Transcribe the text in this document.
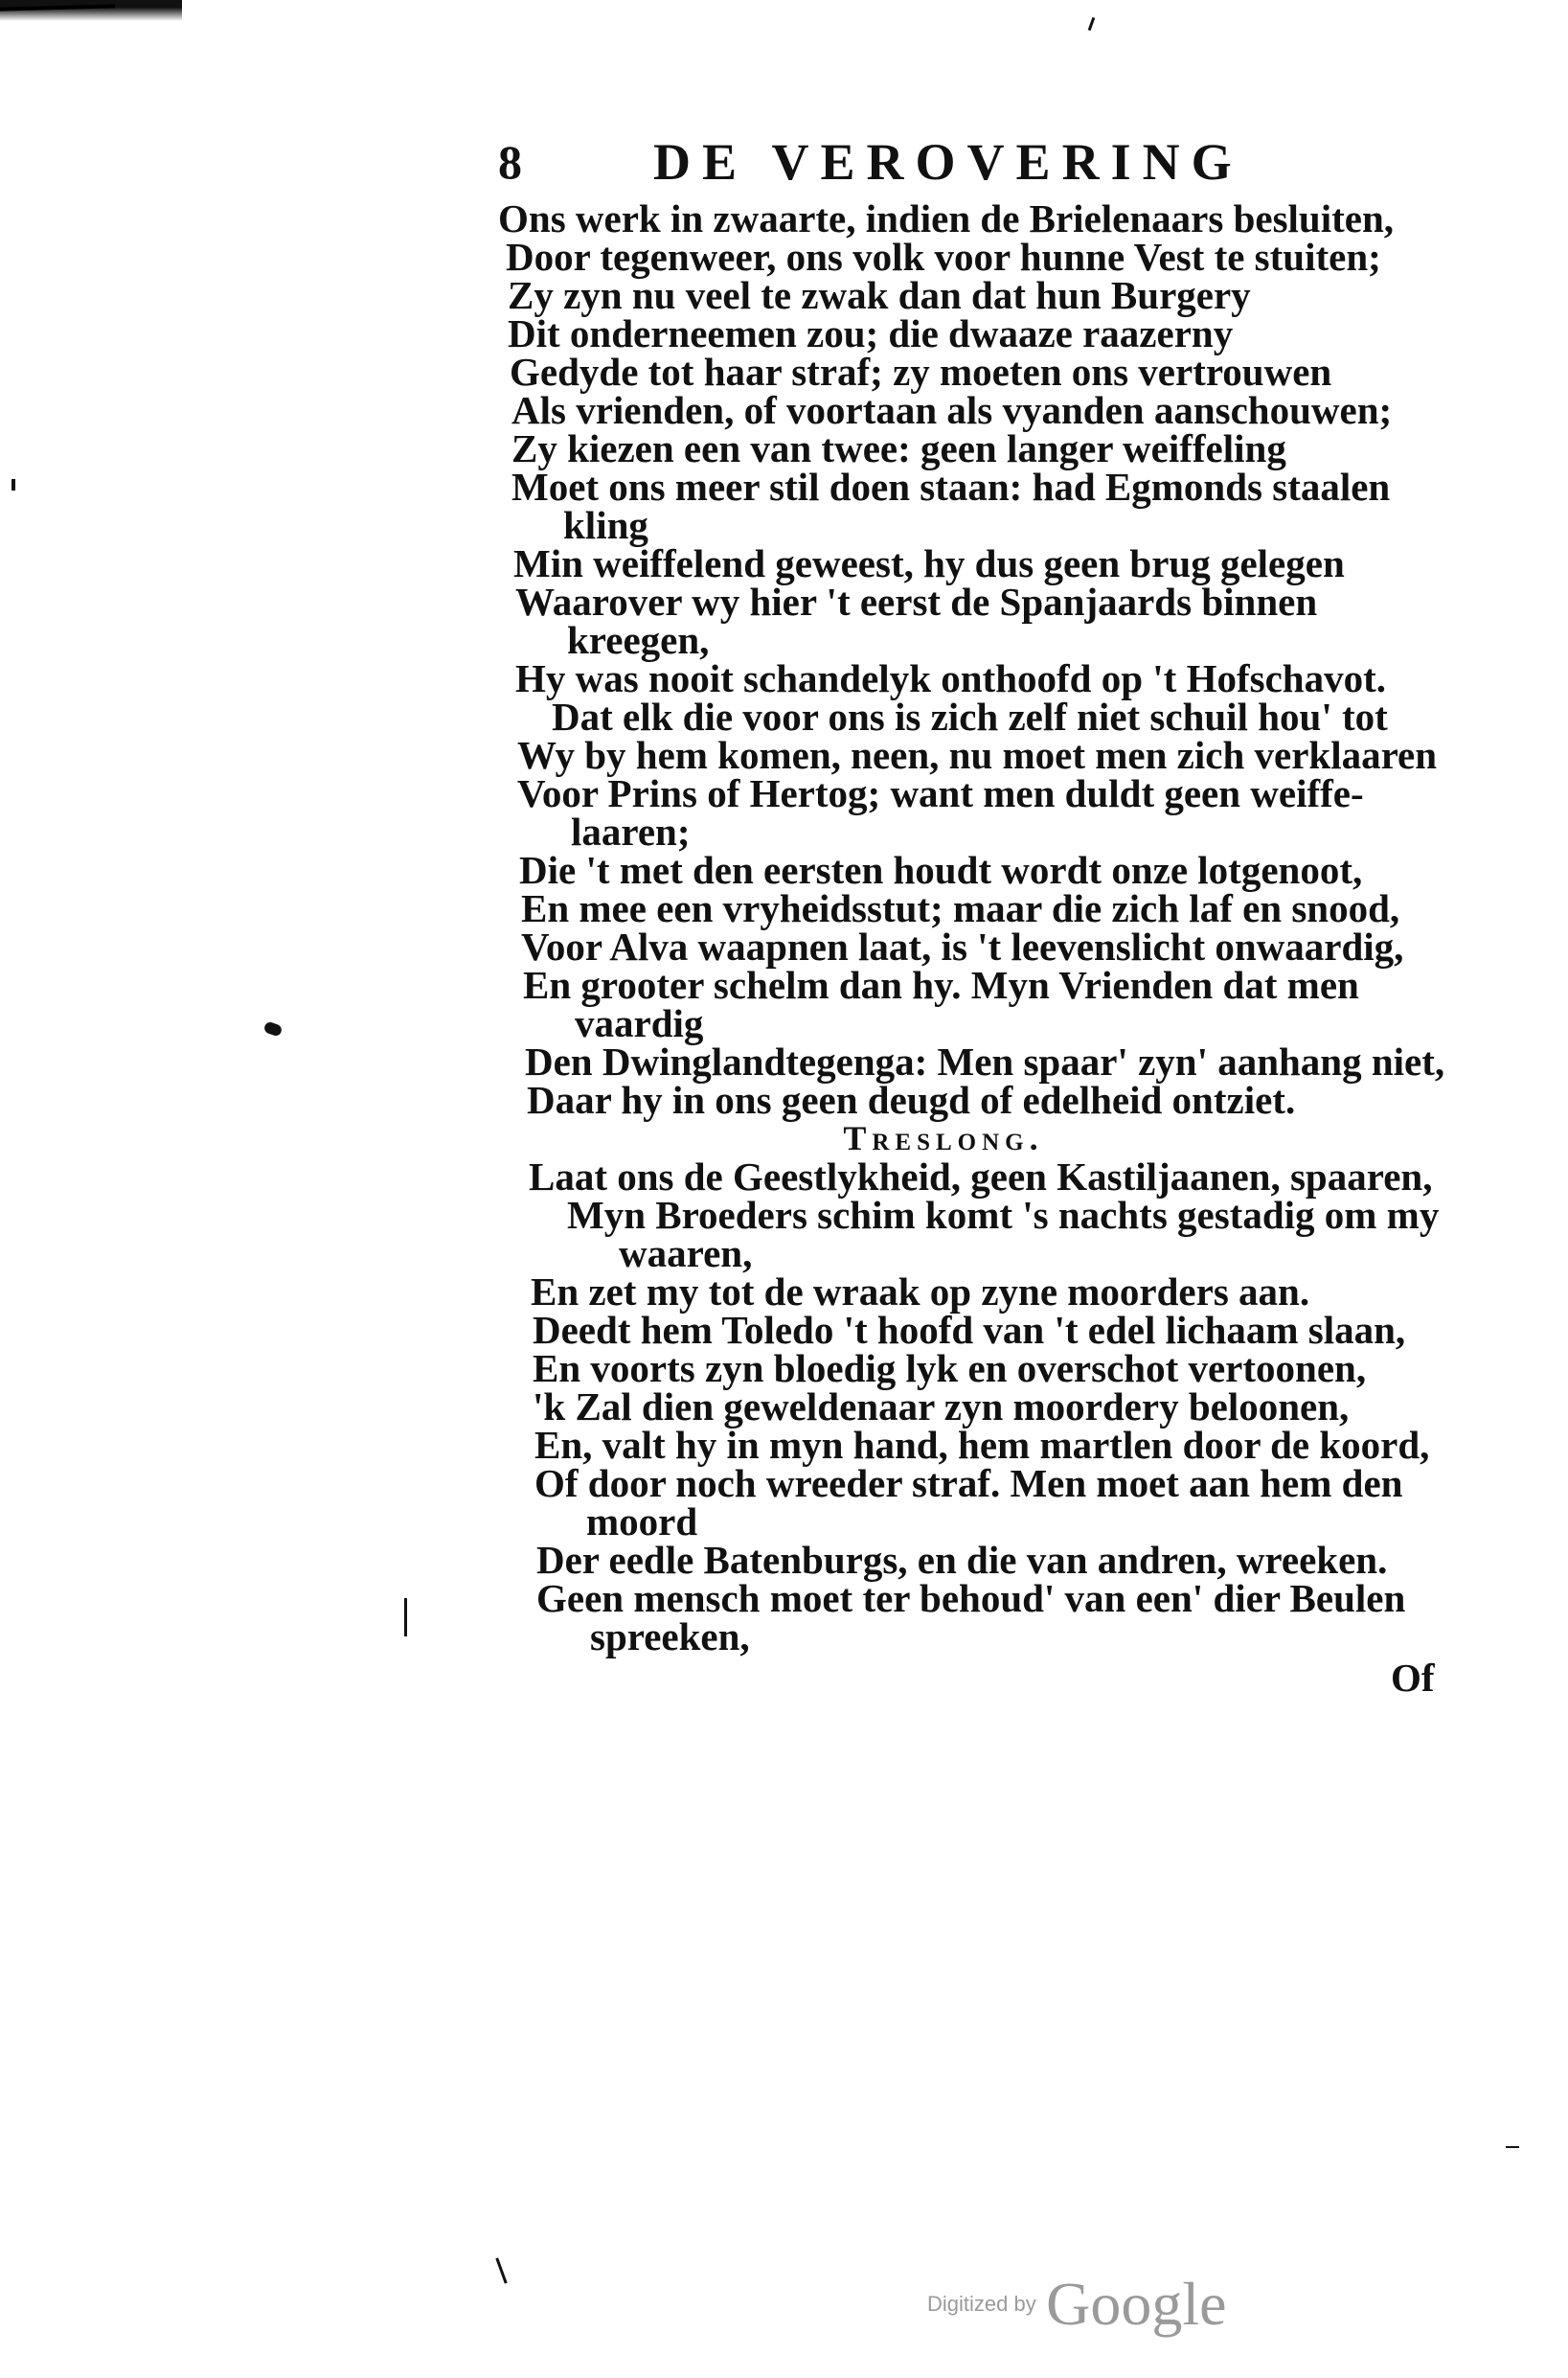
8	DE VEROVERING
Ons werk in zwaarte, indien de Brielenaars besluiten,
Door tegenweer, ons volk voor hunne Vest te stuiten;
Zy zyn nu veel te zwak dan dat hun Burgery
Dit onderneemen zou; die dwaaze raazerny
Gedyde tot haar straf; zy moeten ons vertrouwen
Als vrienden, of voortaan als vyanden aanschouwen;
Zy kiezen een van twee: geen langer weiffeling
Moet ons meer stil doen staan: had Egmonds staalen
kling
Min weiffelend geweest, hy dus geen brug gelegen
Waarover wy hier 't eerst de Spanjaards binnen
kreegen,
Hy was nooit schandelyk onthoofd op 't Hofschavot.
Dat elk die voor ons is zich zelf niet schuil hou' tot
Wy by hem komen, neen, nu moet men zich verklaaren
Voor Prins of Hertog; want men duldt geen weiffe-
laaren;
Die 't met den eersten houdt wordt onze lotgenoot,
En mee een vryheidsstut; maar die zich laf en snood,
Voor Alva waapnen laat, is 't leevenslicht onwaardig,
En grooter schelm dan hy. Myn Vrienden dat men
vaardig
Den Dwinglandtegenga: Men spaar' zyn' aanhang niet,
Daar hy in ons geen deugd of edelheid ontziet.
Treslong.
Laat ons de Geestlykheid, geen Kastiljaanen, spaaren,
Myn Broeders schim komt 's nachts gestadig om my
waaren,
En zet my tot de wraak op zyne moorders aan.
Deedt hem Toledo 't hoofd van 't edel lichaam slaan,
En voorts zyn bloedig lyk en overschot vertoonen,
'k Zal dien geweldenaar zyn moordery beloonen,
En, valt hy in myn hand, hem martlen door de koord,
Of door noch wreeder straf. Men moet aan hem den
moord
Der eedle Batenburgs, en die van andren, wreeken.
Geen mensch moet ter behoud' van een' dier Beulen
spreeken,
Of
Digitized by Google
